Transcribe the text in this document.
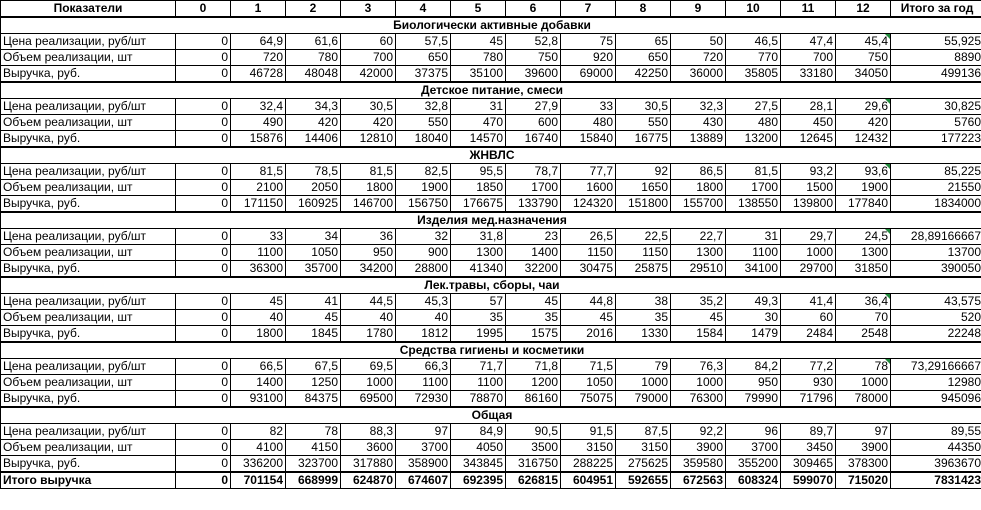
Показатели	0	1	2	3	4	5	6	7	8	9	10	11	12	Итого за год
Биологически активные добавки														
Цена реализации, руб/шт	0	64,9	61,6	60	57,5	45	52,8	75	65	50	46,5	47,4	45,4	55,925
Объем реализации, шт	0	720	780	700	650	780	750	920	650	720	770	700	750	8890
Выручка, руб.	0	46728	48048	42000	37375	35100	39600	69000	42250	36000	35805	33180	34050	499136
Детское питание, смеси														
Цена реализации, руб/шт	0	32,4	34,3	30,5	32,8	31	27,9	33	30,5	32,3	27,5	28,1	29,6	30,825
Объем реализации, шт	0	490	420	420	550	470	600	480	550	430	480	450	420	5760
Выручка, руб.	0	15876	14406	12810	18040	14570	16740	15840	16775	13889	13200	12645	12432	177223
ЖНВЛС														
Цена реализации, руб/шт	0	81,5	78,5	81,5	82,5	95,5	78,7	77,7	92	86,5	81,5	93,2	93,6	85,225
Объем реализации, шт	0	2100	2050	1800	1900	1850	1700	1600	1650	1800	1700	1500	1900	21550
Выручка, руб.	0	171150	160925	146700	156750	176675	133790	124320	151800	155700	138550	139800	177840	1834000
Изделия мед.назначения														
Цена реализации, руб/шт	0	33	34	36	32	31,8	23	26,5	22,5	22,7	31	29,7	24,5	28,89166667
Объем реализации, шт	0	1100	1050	950	900	1300	1400	1150	1150	1300	1100	1000	1300	13700
Выручка, руб.	0	36300	35700	34200	28800	41340	32200	30475	25875	29510	34100	29700	31850	390050
Лек.травы, сборы, чаи														
Цена реализации, руб/шт	0	45	41	44,5	45,3	57	45	44,8	38	35,2	49,3	41,4	36,4	43,575
Объем реализации, шт	0	40	45	40	40	35	35	45	35	45	30	60	70	520
Выручка, руб.	0	1800	1845	1780	1812	1995	1575	2016	1330	1584	1479	2484	2548	22248
Средства гигиены и косметики														
Цена реализации, руб/шт	0	66,5	67,5	69,5	66,3	71,7	71,8	71,5	79	76,3	84,2	77,2	78	73,29166667
Объем реализации, шт	0	1400	1250	1000	1100	1100	1200	1050	1000	1000	950	930	1000	12980
Выручка, руб.	0	93100	84375	69500	72930	78870	86160	75075	79000	76300	79990	71796	78000	945096
Общая														
Цена реализации, руб/шт	0	82	78	88,3	97	84,9	90,5	91,5	87,5	92,2	96	89,7	97	89,55
Объем реализации, шт	0	4100	4150	3600	3700	4050	3500	3150	3150	3900	3700	3450	3900	44350
Выручка, руб.	0	336200	323700	317880	358900	343845	316750	288225	275625	359580	355200	309465	378300	3963670
Итого выручка	0	701154	668999	624870	674607	692395	626815	604951	592655	672563	608324	599070	715020	7831423
